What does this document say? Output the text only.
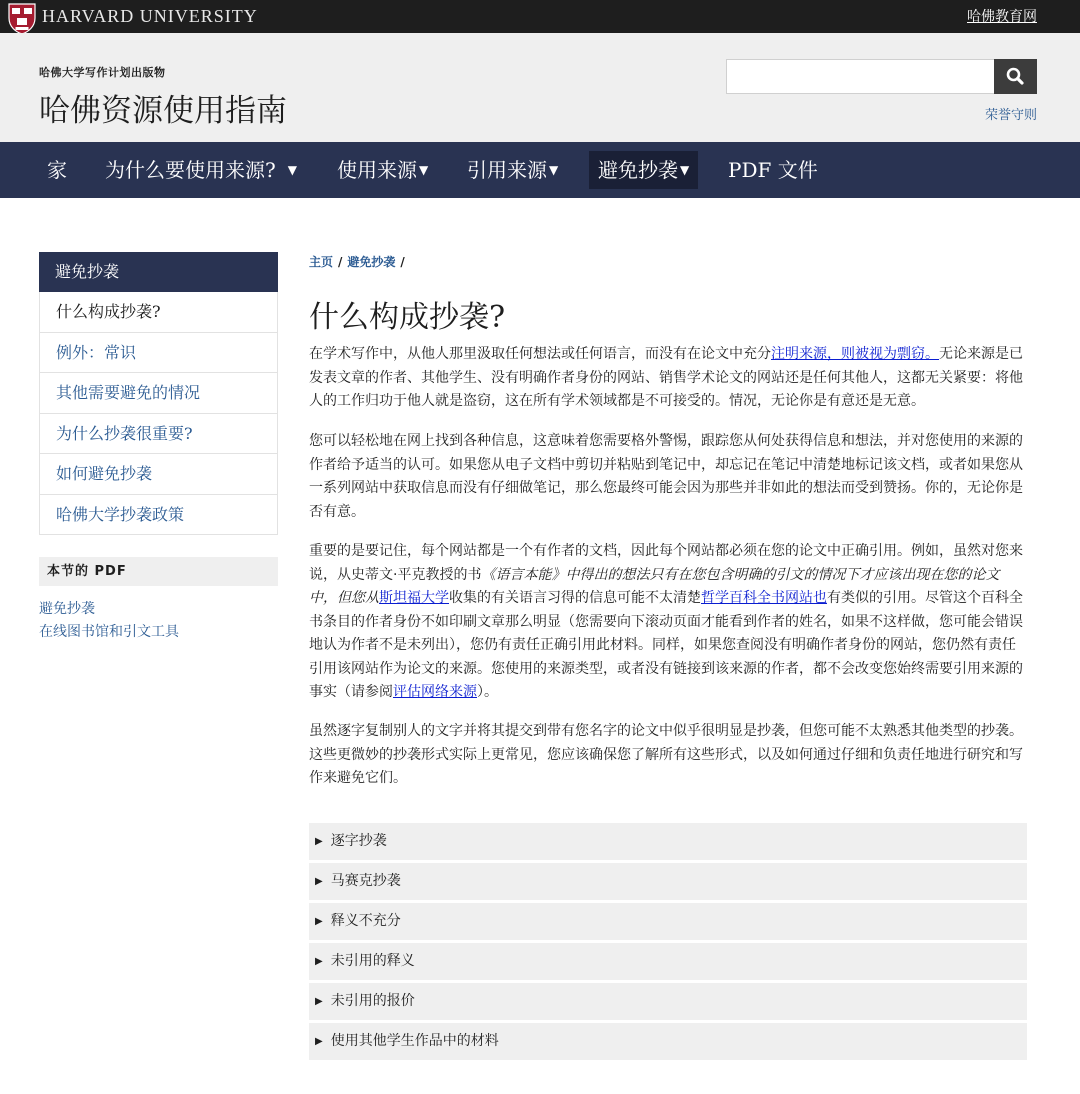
HARVARD UNIVERSITY	哈佛教育网
哈佛大学写作计划出版物
哈佛资源使用指南	荣誉守则
家	为什么要使用来源? ▼	使用来源 ▼	引用来源 ▼	避免抄袭 ▼	PDF 文件
避免抄袭
什么构成抄袭?
例外：常识
其他需要避免的情况
为什么抄袭很重要?
如何避免抄袭
哈佛大学抄袭政策
本节的 PDF
避免抄袭
在线图书馆和引文工具
主页 / 避免抄袭 /
什么构成抄袭?
在学术写作中，从他人那里汲取任何想法或任何语言，而没有在论文中充分注明来源，则被视为剽窃。无论来源是已发表文章的作者、其他学生、没有明确作者身份的网站、销售学术论文的网站还是任何其他人，这都无关紧要：将他人的工作归功于他人就是盗窃，这在所有学术领域都是不可接受的。情况，无论你是有意还是无意。
您可以轻松地在网上找到各种信息，这意味着您需要格外警惕，跟踪您从何处获得信息和想法，并对您使用的来源的作者给予适当的认可。如果您从电子文档中剪切并粘贴到笔记中，却忘记在笔记中清楚地标记该文档，或者如果您从一系列网站中获取信息而没有仔细做笔记，那么您最终可能会因为那些并非如此的想法而受到赞扬。你的，无论你是否有意。
重要的是要记住，每个网站都是一个有作者的文档，因此每个网站都必须在您的论文中正确引用。例如，虽然对您来说，从史蒂文·平克教授的书《语言本能》中得出的想法只有在您包含明确的引文的情况下才应该出现在您的论文中，但您从斯坦福大学收集的有关语言习得的信息可能不太清楚哲学百科全书网站也有类似的引用。尽管这个百科全书条目的作者身份不如印刷文章那么明显（您需要向下滚动页面才能看到作者的姓名，如果不这样做，您可能会错误地认为作者不是未列出），您仍有责任正确引用此材料。同样，如果您查阅没有明确作者身份的网站，您仍然有责任引用该网站作为论文的来源。您使用的来源类型，或者没有链接到该来源的作者，都不会改变您始终需要引用来源的事实（请参阅评估网络来源）。
虽然逐字复制别人的文字并将其提交到带有您名字的论文中似乎很明显是抄袭，但您可能不太熟悉其他类型的抄袭。这些更微妙的抄袭形式实际上更常见，您应该确保您了解所有这些形式，以及如何通过仔细和负责任地进行研究和写作来避免它们。
▶ 逐字抄袭
▶ 马赛克抄袭
▶ 释义不充分
▶ 未引用的释义
▶ 未引用的报价
▶ 使用其他学生作品中的材料
